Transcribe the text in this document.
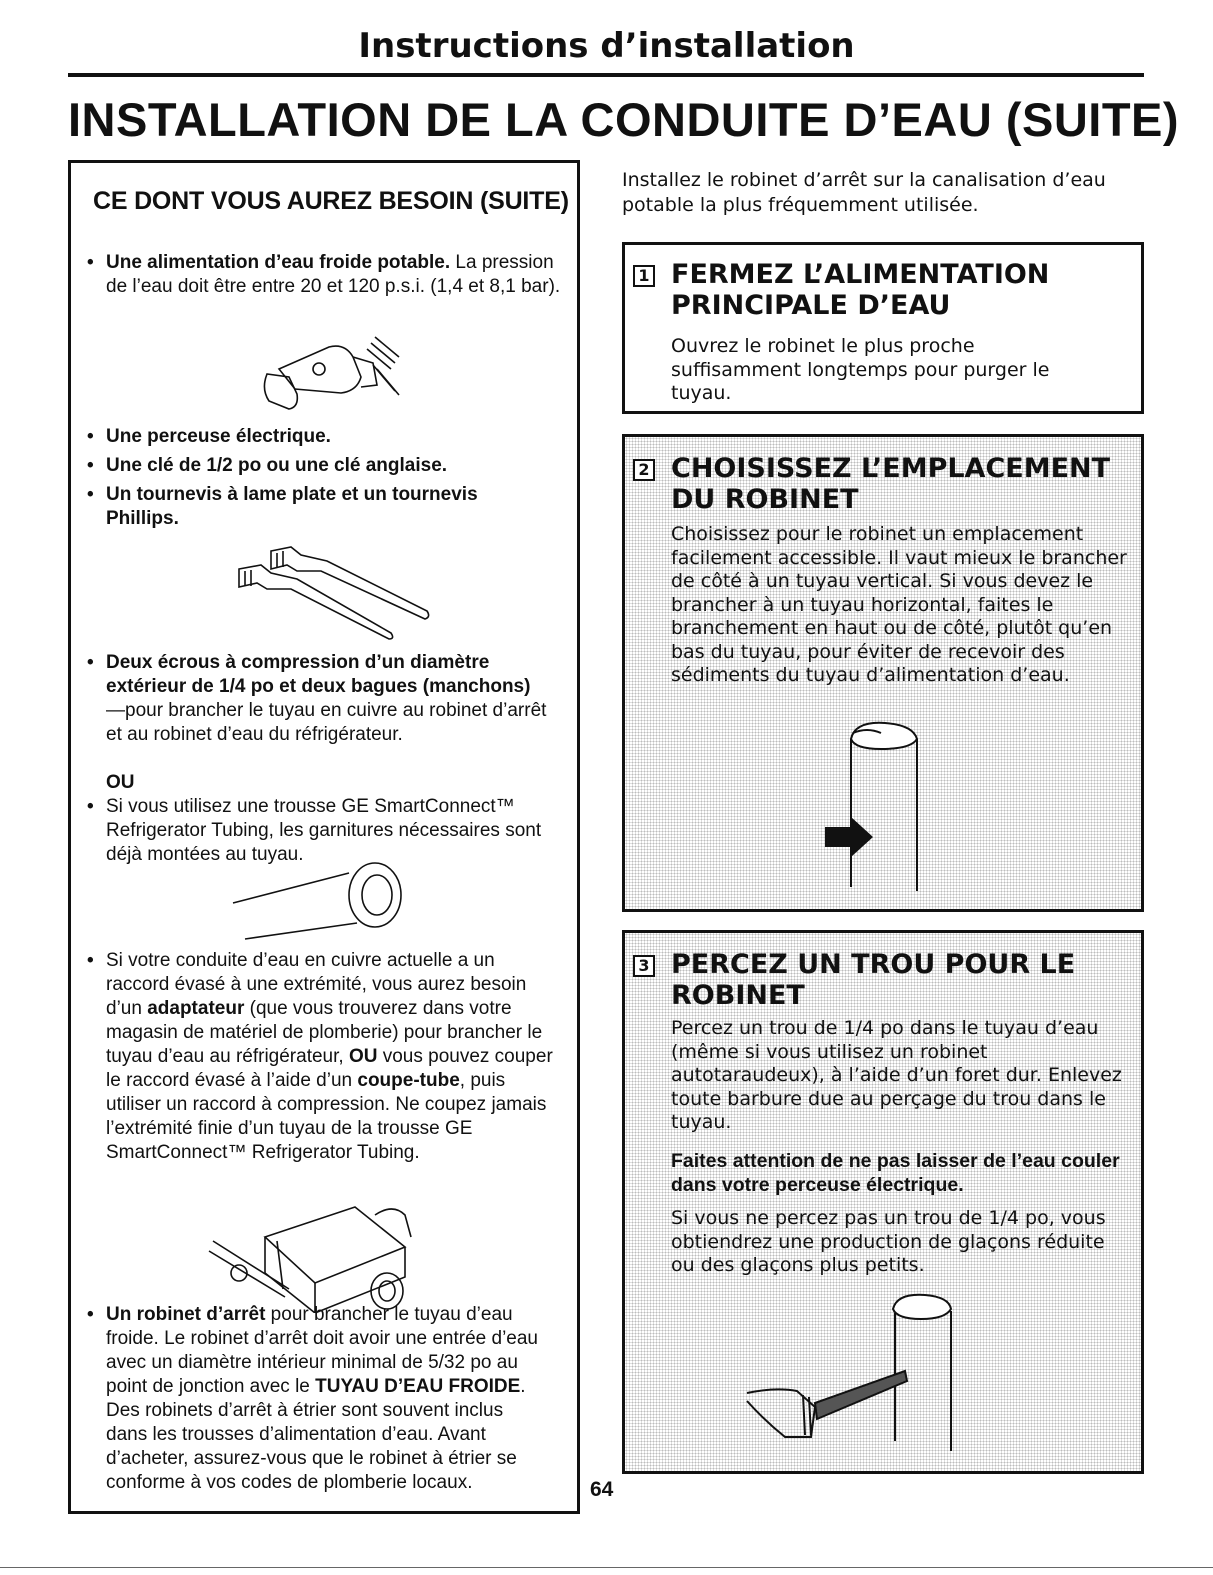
Instructions d’installation
INSTALLATION DE LA CONDUITE D’EAU (SUITE)
CE DONT VOUS AUREZ BESOIN (SUITE)
• Une alimentation d’eau froide potable. La pression de l’eau doit être entre 20 et 120 p.s.i. (1,4 et 8,1 bar).
• Une perceuse électrique.
• Une clé de 1/2 po ou une clé anglaise.
• Un tournevis à lame plate et un tournevis Phillips.
• Deux écrous à compression d’un diamètre extérieur de 1/4 po et deux bagues (manchons)—pour brancher le tuyau en cuivre au robinet d’arrêt et au robinet d’eau du réfrigérateur.
OU
• Si vous utilisez une trousse GE SmartConnect™ Refrigerator Tubing, les garnitures nécessaires sont déjà montées au tuyau.
• Si votre conduite d’eau en cuivre actuelle a un raccord évasé à une extrémité, vous aurez besoin d’un adaptateur (que vous trouverez dans votre magasin de matériel de plomberie) pour brancher le tuyau d’eau au réfrigérateur, OU vous pouvez couper le raccord évasé à l’aide d’un coupe-tube, puis utiliser un raccord à compression. Ne coupez jamais l’extrémité finie d’un tuyau de la trousse GE SmartConnect™ Refrigerator Tubing.
• Un robinet d’arrêt pour brancher le tuyau d’eau froide. Le robinet d’arrêt doit avoir une entrée d’eau avec un diamètre intérieur minimal de 5/32 po au point de jonction avec le TUYAU D’EAU FROIDE. Des robinets d’arrêt à étrier sont souvent inclus dans les trousses d’alimentation d’eau. Avant d’acheter, assurez-vous que le robinet à étrier se conforme à vos codes de plomberie locaux.
Installez le robinet d’arrêt sur la canalisation d’eau potable la plus fréquemment utilisée.
1 FERMEZ L’ALIMENTATION
PRINCIPALE D’EAU
Ouvrez le robinet le plus proche suffisamment longtemps pour purger le tuyau.
2 CHOISISSEZ L’EMPLACEMENT
DU ROBINET
Choisissez pour le robinet un emplacement facilement accessible. Il vaut mieux le brancher de côté à un tuyau vertical. Si vous devez le brancher à un tuyau horizontal, faites le branchement en haut ou de côté, plutôt qu’en bas du tuyau, pour éviter de recevoir des sédiments du tuyau d’alimentation d’eau.
3 PERCEZ UN TROU POUR LE
ROBINET
Percez un trou de 1/4 po dans le tuyau d’eau (même si vous utilisez un robinet autotaraudeux), à l’aide d’un foret dur. Enlevez toute barbure due au perçage du trou dans le tuyau.
Faites attention de ne pas laisser de l’eau couler dans votre perceuse électrique.
Si vous ne percez pas un trou de 1/4 po, vous obtiendrez une production de glaçons réduite ou des glaçons plus petits.
64
